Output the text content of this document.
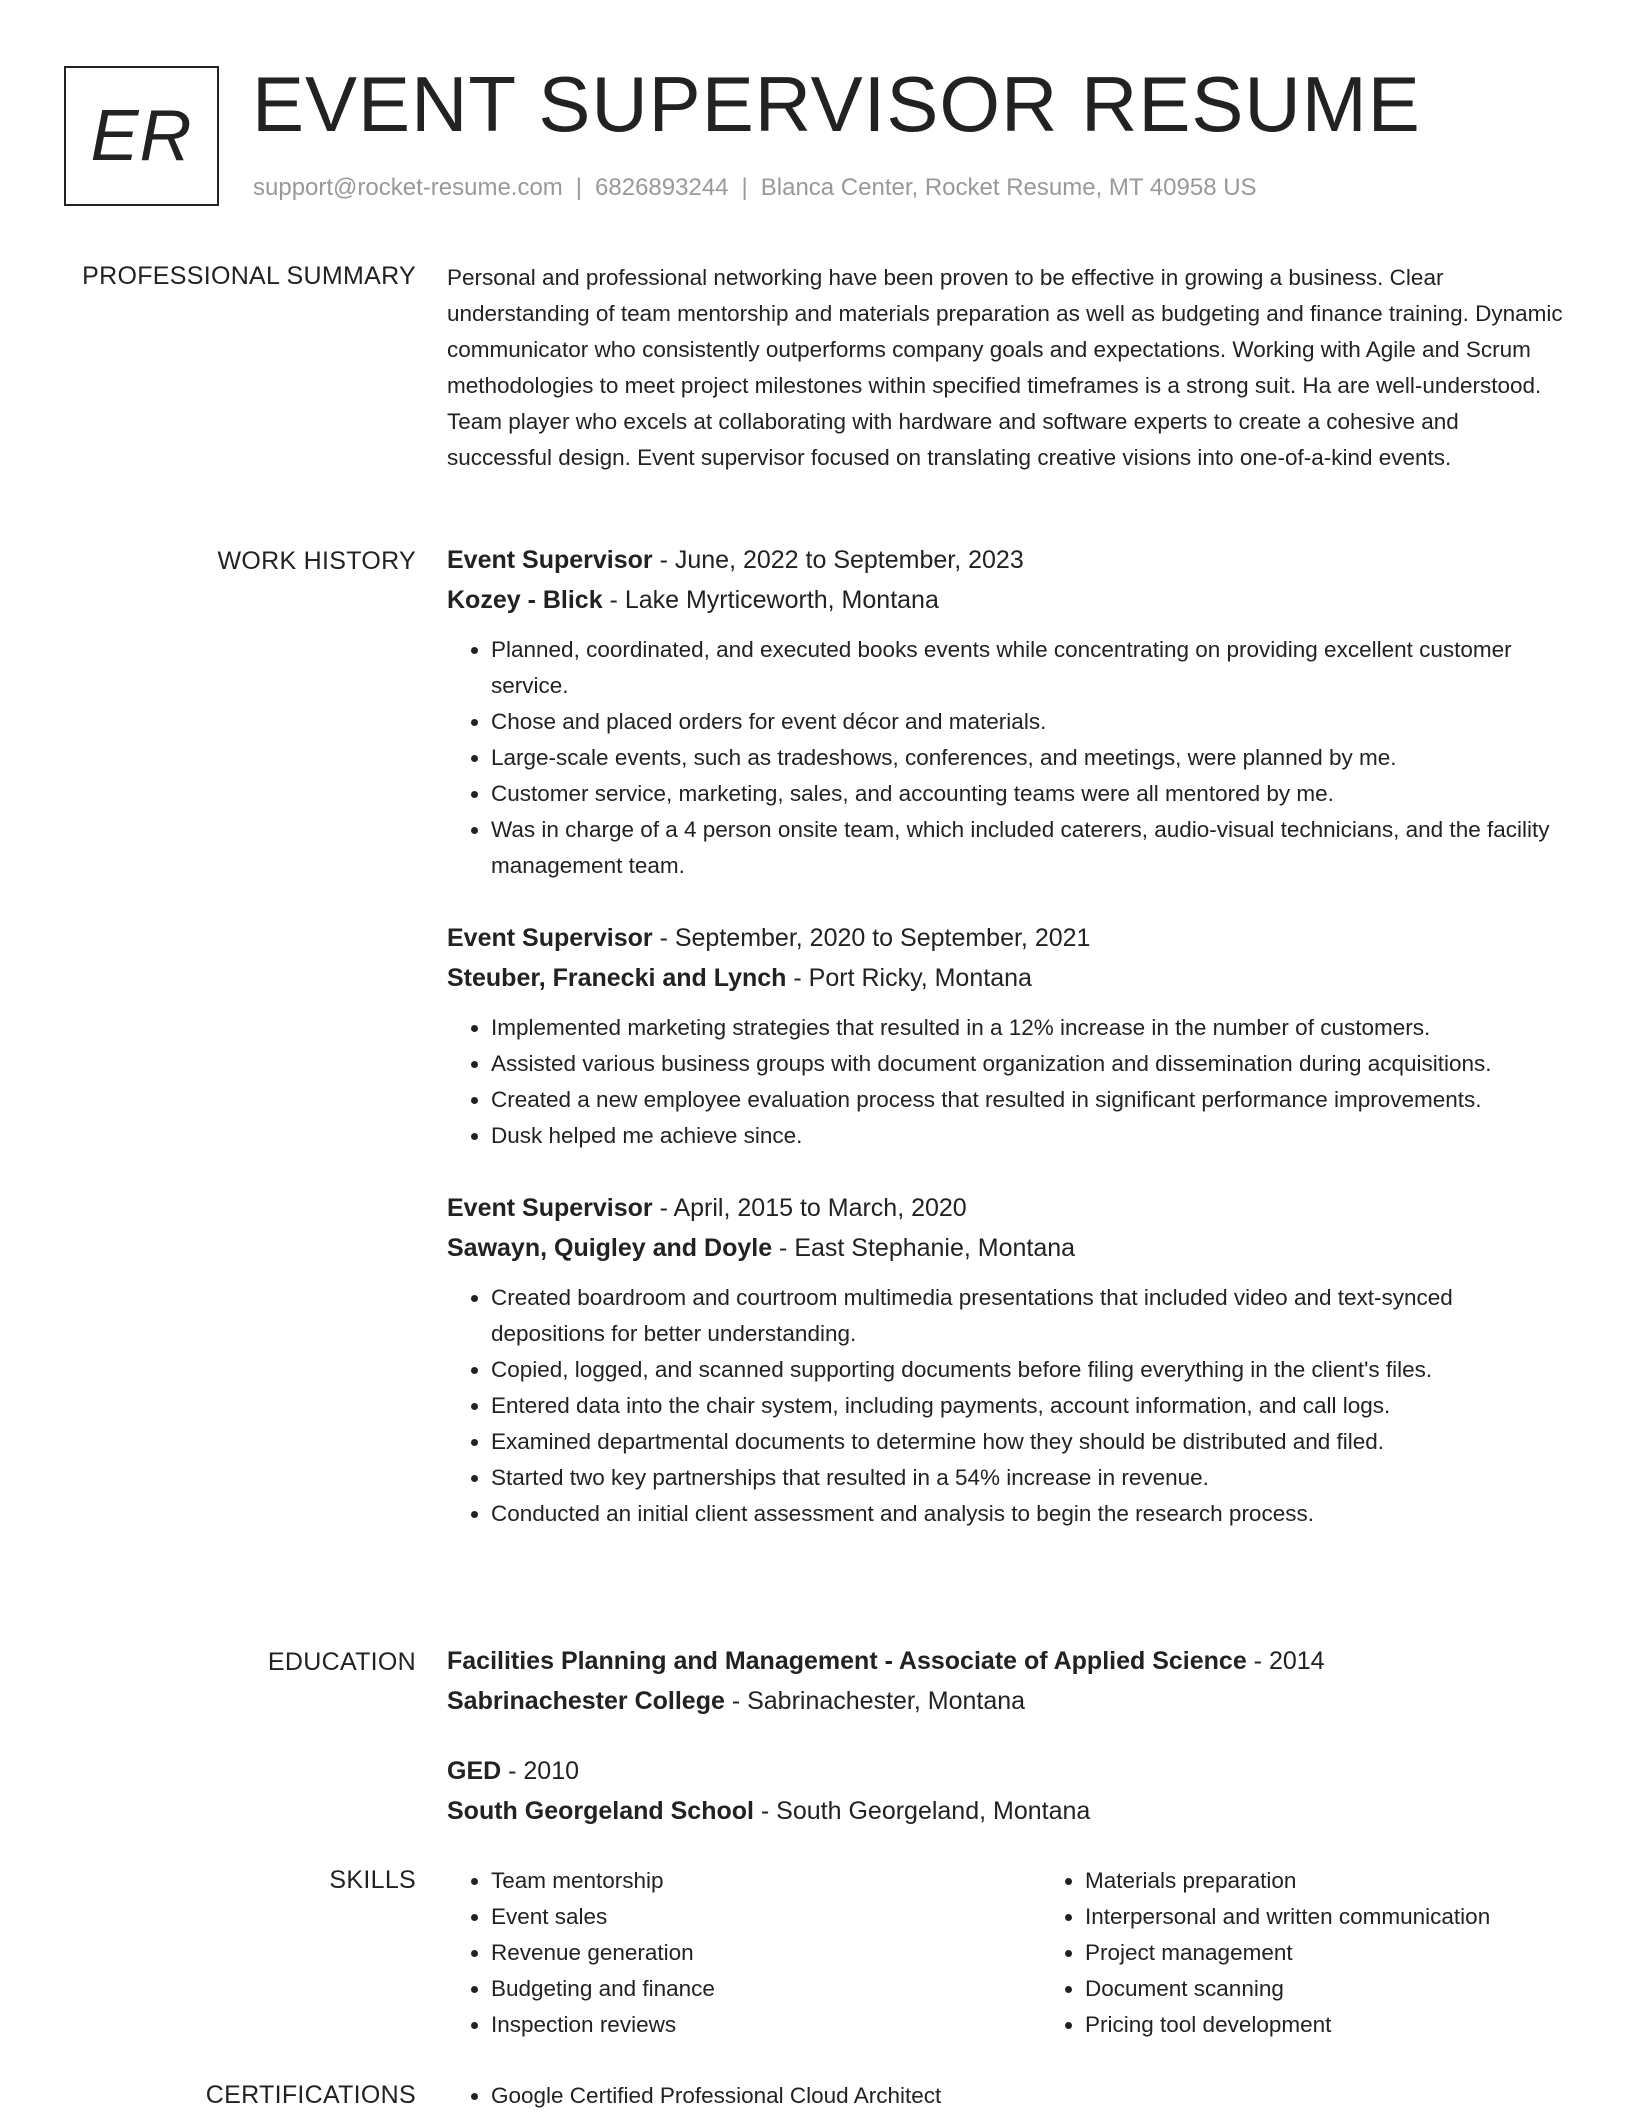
ER EVENT SUPERVISOR RESUME
support@rocket-resume.com | 6826893244 | Blanca Center, Rocket Resume, MT 40958 US
PROFESSIONAL SUMMARY Personal and professional networking have been proven to be effective in growing a business. Clear understanding of team mentorship and materials preparation as well as budgeting and finance training. Dynamic communicator who consistently outperforms company goals and expectations. Working with Agile and Scrum methodologies to meet project milestones within specified timeframes is a strong suit. Ha are well-understood. Team player who excels at collaborating with hardware and software experts to create a cohesive and successful design. Event supervisor focused on translating creative visions into one-of-a-kind events.

WORK HISTORY Event Supervisor - June, 2022 to September, 2023
Kozey - Blick - Lake Myrticeworth, Montana
• Planned, coordinated, and executed books events while concentrating on providing excellent customer service.
• Chose and placed orders for event décor and materials.
• Large-scale events, such as tradeshows, conferences, and meetings, were planned by me.
• Customer service, marketing, sales, and accounting teams were all mentored by me.
• Was in charge of a 4 person onsite team, which included caterers, audio-visual technicians, and the facility management team.
Event Supervisor - September, 2020 to September, 2021
Steuber, Franecki and Lynch - Port Ricky, Montana
• Implemented marketing strategies that resulted in a 12% increase in the number of customers.
• Assisted various business groups with document organization and dissemination during acquisitions.
• Created a new employee evaluation process that resulted in significant performance improvements.
• Dusk helped me achieve since.
Event Supervisor - April, 2015 to March, 2020
Sawayn, Quigley and Doyle - East Stephanie, Montana
• Created boardroom and courtroom multimedia presentations that included video and text-synced depositions for better understanding.
• Copied, logged, and scanned supporting documents before filing everything in the client's files.
• Entered data into the chair system, including payments, account information, and call logs.
• Examined departmental documents to determine how they should be distributed and filed.
• Started two key partnerships that resulted in a 54% increase in revenue.
• Conducted an initial client assessment and analysis to begin the research process.
EDUCATION Facilities Planning and Management - Associate of Applied Science - 2014
Sabrinachester College - Sabrinachester, Montana
GED - 2010
South Georgeland School - South Georgeland, Montana
SKILLS	• Team mentorship
• Event sales
• Revenue generation
• Budgeting and finance
• Inspection reviews
• Materials preparation
• Interpersonal and written communication
• Project management
• Document scanning
• Pricing tool development
CERTIFICATIONS	• Google Certified Professional Cloud Architect
